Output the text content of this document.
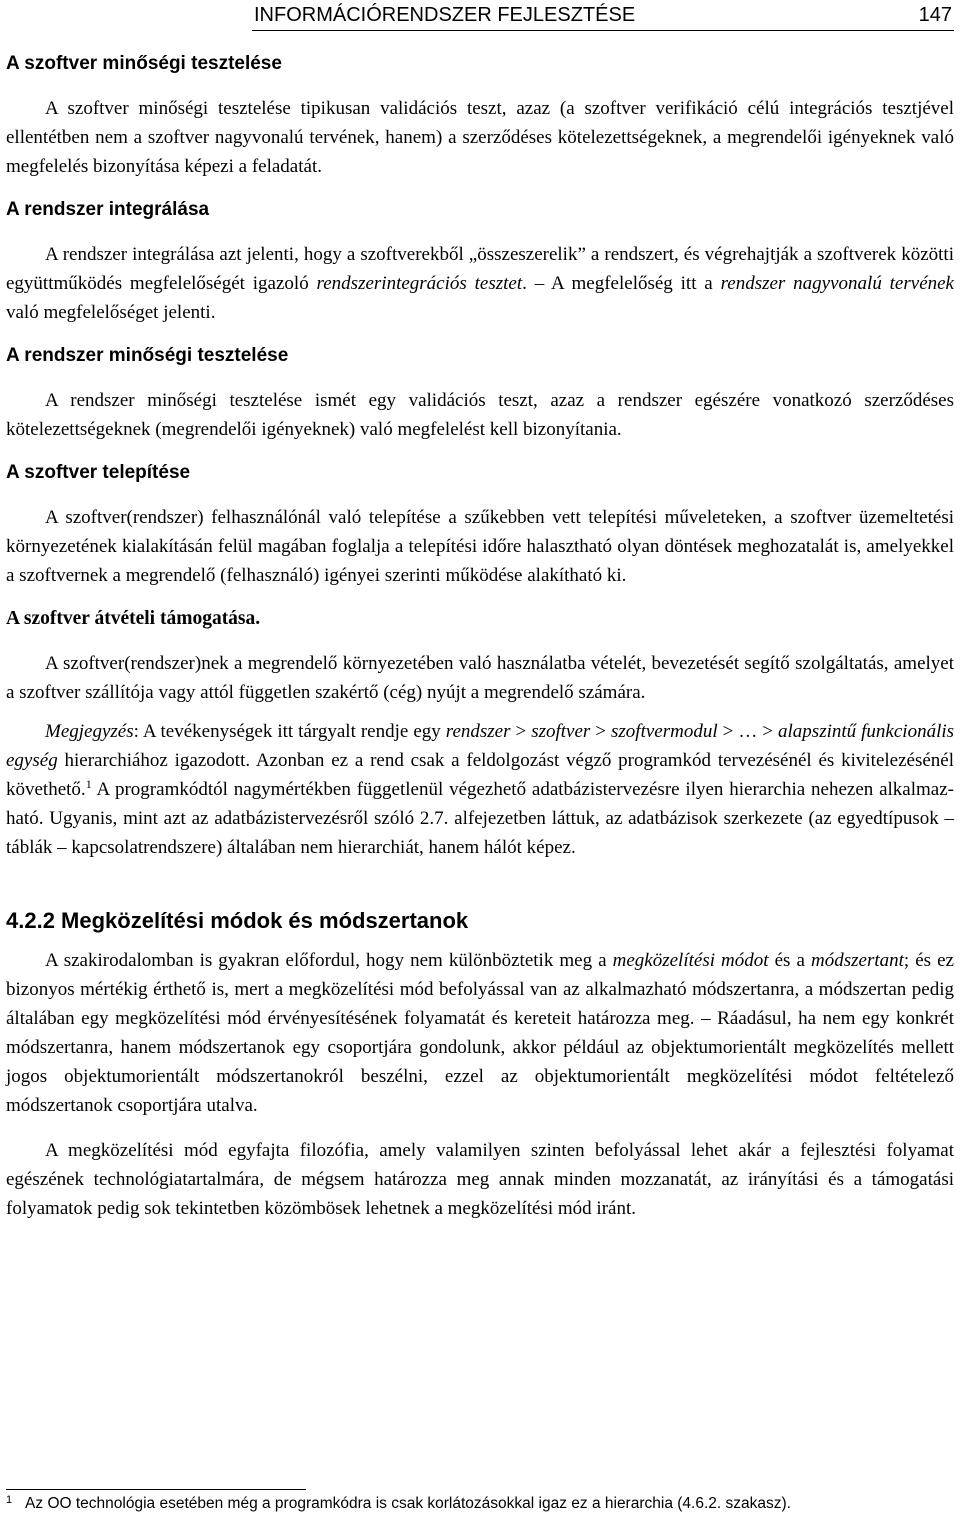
INFORMÁCIÓRENDSZER FEJLESZTÉSE	147
A szoftver minőségi tesztelése

A szoftver minőségi tesztelése tipikusan validációs teszt, azaz (a szoftver verifikáció célú integrációs tesztjével ellentétben nem a szoftver nagyvonalú tervének, hanem) a szerződéses kötelezettségeknek, a megrendelői igényeknek való megfelelés bizonyítása képezi a feladatát.

A rendszer integrálása

A rendszer integrálása azt jelenti, hogy a szoftverekből „összeszerelik” a rendszert, és végrehajtják a szoftverek közötti együttműködés megfelelőségét igazoló rendszerintegrációs tesztet. – A megfelelőség itt a rendszer nagyvonalú tervének való megfelelőséget jelenti.

A rendszer minőségi tesztelése

A rendszer minőségi tesztelése ismét egy validációs teszt, azaz a rendszer egészére vonatkozó szerződéses kötelezettségeknek (megrendelői igényeknek) való megfelelést kell bizonyítania.

A szoftver telepítése

A szoftver(rendszer) felhasználónál való telepítése a szűkebben vett telepítési műveleteken, a szoftver üzemeltetési környezetének kialakításán felül magában foglalja a telepítési időre halasztható olyan döntések meghozatalát is, amelyekkel a szoftvernek a megrendelő (felhasználó) igényei szerinti működése alakítható ki.

A szoftver átvételi támogatása.

A szoftver(rendszer)nek a megrendelő környezetében való használatba vételét, bevezetését segítő szolgáltatás, amelyet a szoftver szállítója vagy attól független szakértő (cég) nyújt a megrendelő számára.

Megjegyzés: A tevékenységek itt tárgyalt rendje egy rendszer > szoftver > szoftvermodul > … > alapszintű funkcionális egység hierarchiához igazodott. Azonban ez a rend csak a feldolgozást végző programkód tervezésénél és kivitelezésénél követhető.$^1$ A programkódtól nagymértékben függetlenül végezhető adatbázistervezésre ilyen hierarchia nehezen alkalmazható. Ugyanis, mint azt az adatbázistervezésről szóló 2.7. alfejezetben láttuk, az adatbázisok szerkezete (az egyedtípusok – táblák – kapcsolatrendszere) általában nem hierarchiát, hanem hálót képez.

4.2.2 Megközelítési módok és módszertanok

A szakirodalomban is gyakran előfordul, hogy nem különböztetik meg a megközelítési módot és a módszertant; és ez bizonyos mértékig érthető is, mert a megközelítési mód befolyással van az alkalmazható módszertanra, a módszertan pedig általában egy megközelítési mód érvényesítésének folyamatát és kereteit határozza meg. – Ráadásul, ha nem egy konkrét módszertanra, hanem módszertanok egy csoportjára gondolunk, akkor például az objektumorientált megközelítés mellett jogos objektumorientált módszertanokról beszélni, ezzel az objektumorientált megközelítési módot feltételező módszertanok csoportjára utalva.

A megközelítési mód egyfajta filozófia, amely valamilyen szinten befolyással lehet akár a fejlesztési folyamat egészének technológiatartalmára, de mégsem határozza meg annak minden mozzanatát, az irányítási és a támogatási folyamatok pedig sok tekintetben közömbösek lehetnek a megközelítési mód iránt.

$^1$ Az OO technológia esetében még a programkódra is csak korlátozásokkal igaz ez a hierarchia (4.6.2. szakasz).
